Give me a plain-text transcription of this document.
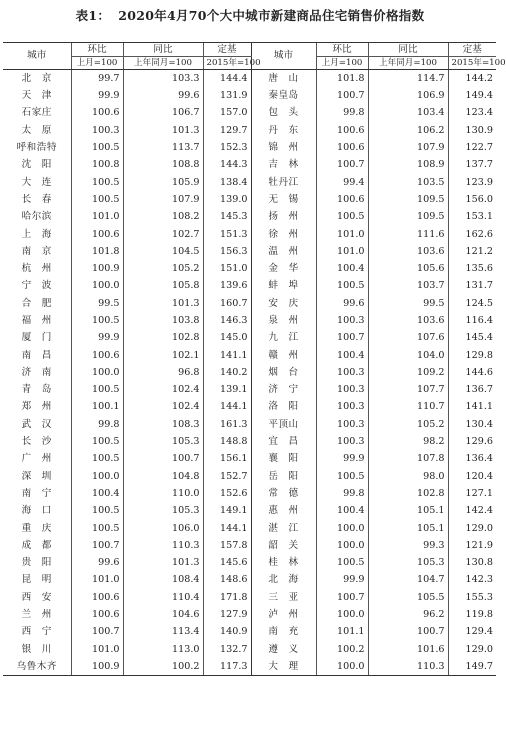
表1： 2020年4月70个大中城市新建商品住宅销售价格指数
城市	环比	同比	定基	城市	环比	同比	定基
	上月=100	上年同月=100	2015年=100		上月=100	上年同月=100	2015年=100
北　京	99.7	103.3	144.4	唐　山	101.8	114.7	144.2
天　津	99.9	99.6	131.9	秦皇岛	100.7	106.9	149.4
石家庄	100.6	106.7	157.0	包　头	99.8	103.4	123.4
太　原	100.3	101.3	129.7	丹　东	100.6	106.2	130.9
呼和浩特	100.5	113.7	152.3	锦　州	100.6	107.9	122.7
沈　阳	100.8	108.8	144.3	吉　林	100.7	108.9	137.7
大　连	100.5	105.9	138.4	牡丹江	99.4	103.5	123.9
长　春	100.5	107.9	139.0	无　锡	100.6	109.5	156.0
哈尔滨	101.0	108.2	145.3	扬　州	100.5	109.5	153.1
上　海	100.6	102.7	151.3	徐　州	101.0	111.6	162.6
南　京	101.8	104.5	156.3	温　州	101.0	103.6	121.2
杭　州	100.9	105.2	151.0	金　华	100.4	105.6	135.6
宁　波	100.0	105.8	139.6	蚌　埠	100.5	103.7	131.7
合　肥	99.5	101.3	160.7	安　庆	99.6	99.5	124.5
福　州	100.5	103.8	146.3	泉　州	100.3	103.6	116.4
厦　门	99.9	102.8	145.0	九　江	100.7	107.6	145.4
南　昌	100.6	102.1	141.1	赣　州	100.4	104.0	129.8
济　南	100.0	96.8	140.2	烟　台	100.3	109.2	144.6
青　岛	100.5	102.4	139.1	济　宁	100.3	107.7	136.7
郑　州	100.1	102.4	144.1	洛　阳	100.3	110.7	141.1
武　汉	99.8	108.3	161.3	平顶山	100.3	105.2	130.4
长　沙	100.5	105.3	148.8	宜　昌	100.3	98.2	129.6
广　州	100.5	100.7	156.1	襄　阳	99.9	107.8	136.4
深　圳	100.0	104.8	152.7	岳　阳	100.5	98.0	120.4
南　宁	100.4	110.0	152.6	常　德	99.8	102.8	127.1
海　口	100.5	105.3	149.1	惠　州	100.4	105.1	142.4
重　庆	100.5	106.0	144.1	湛　江	100.0	105.1	129.0
成　都	100.7	110.3	157.8	韶　关	100.0	99.3	121.9
贵　阳	99.6	101.3	145.6	桂　林	100.5	105.3	130.8
昆　明	101.0	108.4	148.6	北　海	99.9	104.7	142.3
西　安	100.6	110.4	171.8	三　亚	100.7	105.5	155.3
兰　州	100.6	104.6	127.9	泸　州	100.0	96.2	119.8
西　宁	100.7	113.4	140.9	南　充	101.1	100.7	129.4
银　川	101.0	113.0	132.7	遵　义	100.2	101.6	129.0
乌鲁木齐	100.9	100.2	117.3	大　理	100.0	110.3	149.7
